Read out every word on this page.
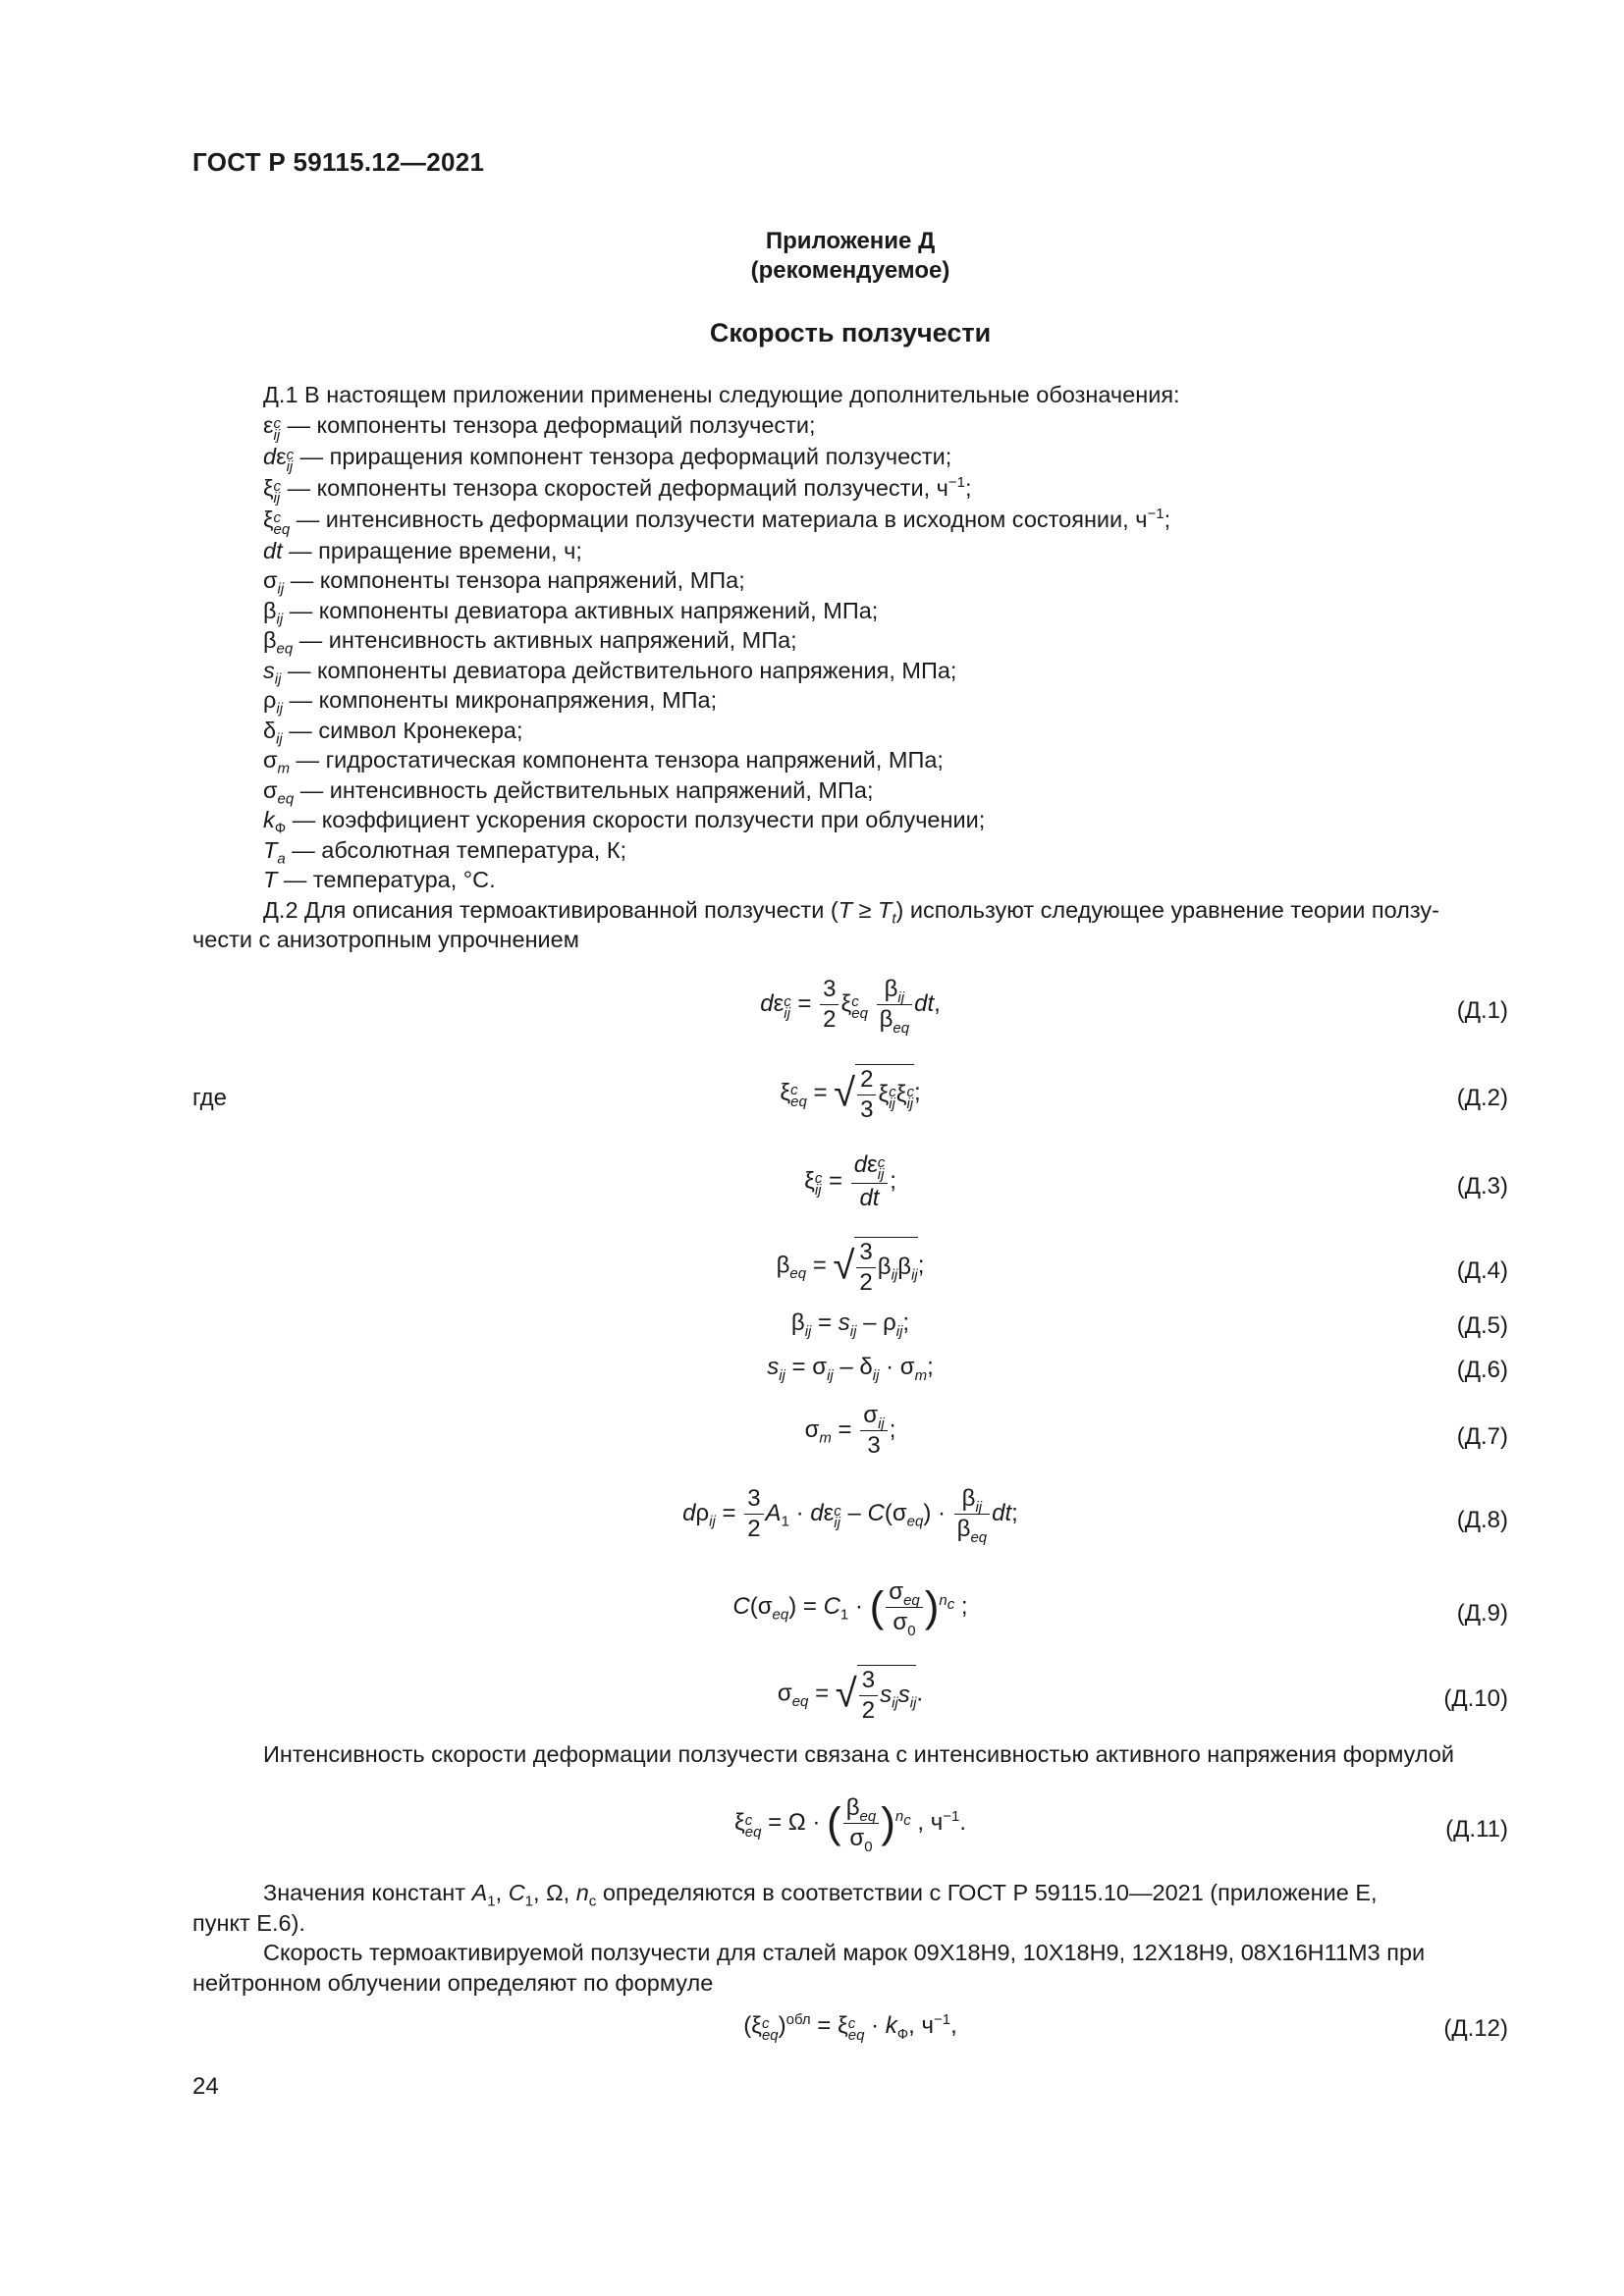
ГОСТ Р 59115.12—2021
Приложение Д
(рекомендуемое)
Скорость ползучести

Д.1 В настоящем приложении применены следующие дополнительные обозначения:

ε c
ij — компоненты тензора деформаций ползучести;
dε c
ij — приращения компонент тензора деформаций ползучести;
ξ c
ij — компоненты тензора скоростей деформаций ползучести, $ч^{-1}$;
ξ c
eq — интенсивность деформации ползучести материала в исходном состоянии, $ч^{-1}$;
dt — приращение времени, ч;
$\sigma_{ij}$ — компоненты тензора напряжений, МПа;
$\beta_{ij}$ — компоненты девиатора активных напряжений, МПа;
$\beta_{eq}$ — интенсивность активных напряжений, МПа;
$s_{ij}$ — компоненты девиатора действительного напряжения, МПа;
$\rho_{ij}$ — компоненты микронапряжения, МПа;
$\delta_{ij}$ — символ Кронекера;
$\sigma_m$ — гидростатическая компонента тензора напряжений, МПа;
$\sigma_{eq}$ — интенсивность действительных напряжений, МПа;
$k_Ф$ — коэффициент ускорения скорости ползучести при облучении;
$T_a$ — абсолютная температура, К;
T — температура, °С.

Д.2 Для описания термоактивированной ползучести $(T \ge T_t)$ используют следующее уравнение теории ползу-
чести с анизотропным упрочнением

dε c
ij = $\frac{3}{2}$ ξ c
eq
$\frac{\beta_{ij}}{\beta_{eq}}$ dt,	(Д.1)
где	ξ c
eq = √ $\frac{2}{3}$ ξ c
ij ξ c
ij ;	(Д.2)
ξ c
ij = dε c
ij
dt ;	(Д.3)
$\beta_{eq}$ = √ $\frac{3}{2} \beta_{ij}\beta_{ij}$;	(Д.4)
$\beta_{ij} = s_{ij} - \rho_{ij}$;	(Д.5)
$s_{ij} = \sigma_{ij} - \delta_{ij} \cdot \sigma_m$;	(Д.6)
$\sigma_m = \frac{\sigma_{ij}}{3}$ ;	(Д.7)
$d\rho_{ij} = \frac{3}{2} A_1 \cdot d\varepsilon$ c
ij – $C(\sigma_{eq}) \cdot \frac{\beta_{ij}}{\beta_{eq}}$ dt;	(Д.8)
$C(\sigma_{eq}) = C_1$ · ( $\frac{\sigma_{eq}}{\sigma_0} )^{n_c}$ ;	(Д.9)
$\sigma_{eq}$ = √ $\frac{3}{2} s_{ij}s_{ij}$.	(Д.10)

Интенсивность скорости деформации ползучести связана с интенсивностью активного напряжения формулой

ξ c
eq = Ω · ( $\frac{\beta_{eq}}{\sigma_0} )^{n_c}$ , $ч^{-1}$.	(Д.11)

Значения констант $A_1$, $C_1$, Ω, $n_c$ определяются в соответствии с ГОСТ Р 59115.10—2021 (приложение Е,
пункт Е.6).

Скорость термоактивируемой ползучести для сталей марок 09Х18Н9, 10Х18Н9, 12Х18Н9, 08Х16Н11М3 при
нейтронном облучении определяют по формуле

(ξ c
eq )$^{обл}$ = ξ c
eq · $k_Ф$, $ч^{-1}$,	(Д.12)
24
